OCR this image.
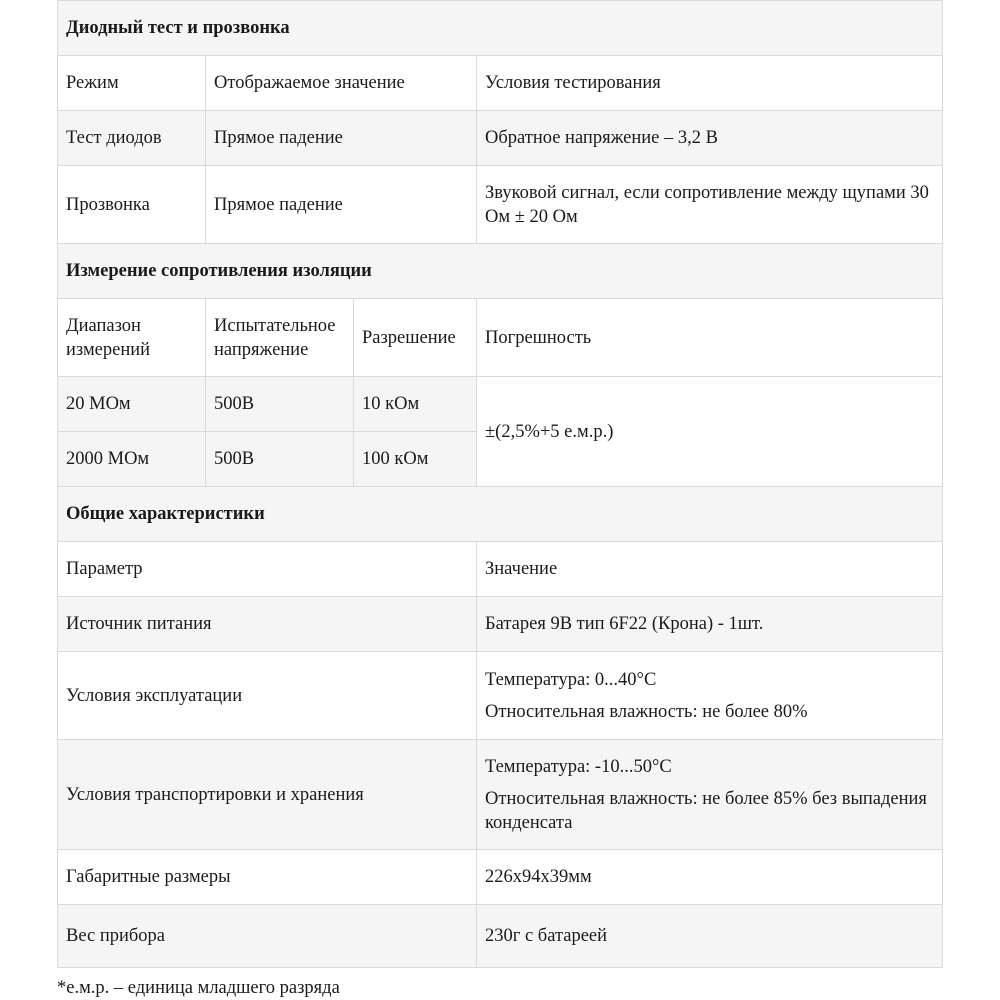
Диодный тест и прозвонка			
Режим	Отображаемое значение		Условия тестирования
Тест диодов	Прямое падение		Обратное напряжение – 3,2 В
Прозвонка	Прямое падение		Звуковой сигнал, если сопротивление между щупами 30 Ом ± 20 Ом
Измерение сопротивления изоляции			
Диапазон измерений	Испытательное напряжение	Разрешение	Погрешность
20 МОм	500В	10 кОм	±(2,5%+5 е.м.р.)
2000 МОм	500В	100 кОм	
Общие характеристики			
Параметр			Значение
Источник питания			Батарея 9В тип 6F22 (Крона) - 1шт.
Условия эксплуатации			Температура: 0...40°C
Относительная влажность: не более 80%

Условия транспортировки и хранения			Температура: -10...50°C
Относительная влажность: не более 85% без выпадения конденсата

Габаритные размеры			226x94x39мм
Вес прибора			230г с батареей

*е.м.р. – единица младшего разряда
